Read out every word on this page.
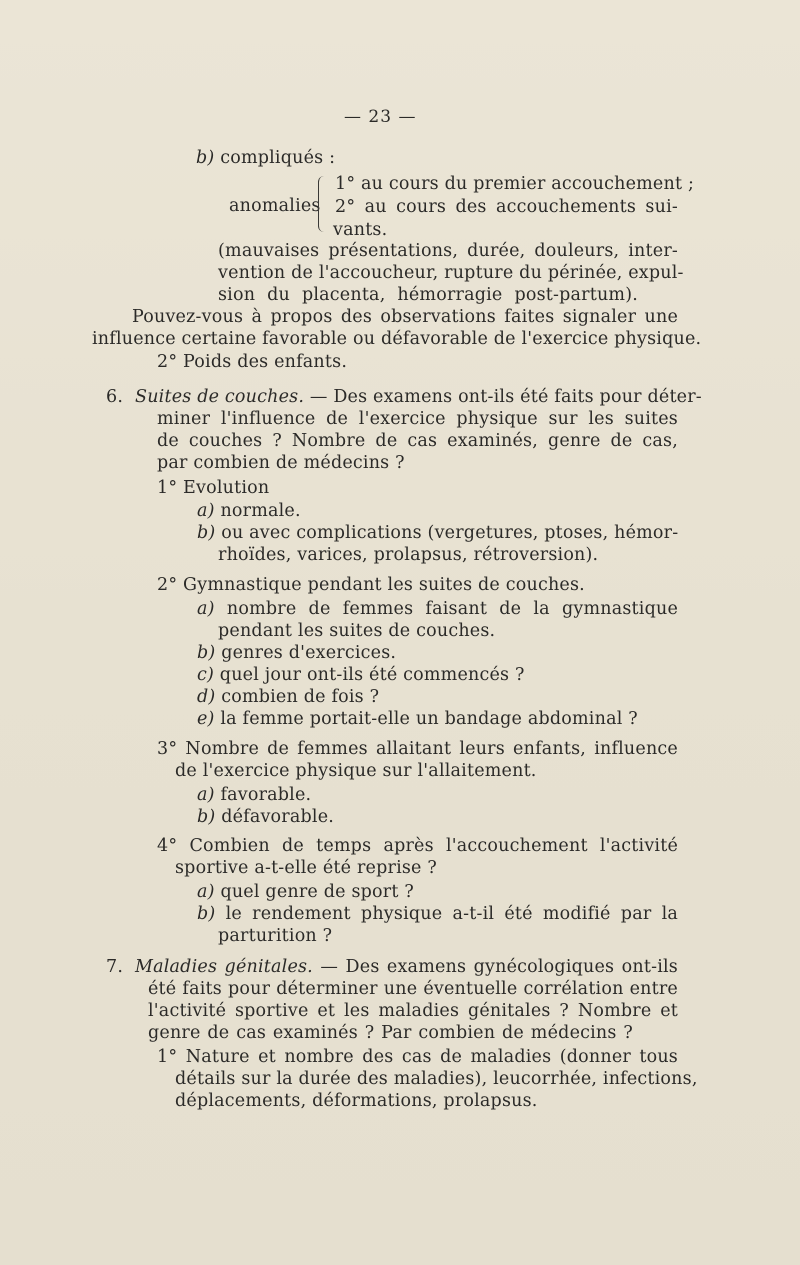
— 23 —
b) compliqués :
anomalies
1° au cours du premier accouchement ;
2° au cours des accouchements sui-
vants.
(mauvaises présentations, durée, douleurs, inter-
vention de l'accoucheur, rupture du périnée, expul-
sion du placenta, hémorragie post-partum).
Pouvez-vous à propos des observations faites signaler une
influence certaine favorable ou défavorable de l'exercice physique.
2° Poids des enfants.
6. Suites de couches. — Des examens ont-ils été faits pour déter-
miner l'influence de l'exercice physique sur les suites
de couches ? Nombre de cas examinés, genre de cas,
par combien de médecins ?
1° Evolution
a) normale.
b) ou avec complications (vergetures, ptoses, hémor-
rhoïdes, varices, prolapsus, rétroversion).
2° Gymnastique pendant les suites de couches.
a) nombre de femmes faisant de la gymnastique
pendant les suites de couches.
b) genres d'exercices.
c) quel jour ont-ils été commencés ?
d) combien de fois ?
e) la femme portait-elle un bandage abdominal ?
3° Nombre de femmes allaitant leurs enfants, influence
de l'exercice physique sur l'allaitement.
a) favorable.
b) défavorable.
4° Combien de temps après l'accouchement l'activité
sportive a-t-elle été reprise ?
a) quel genre de sport ?
b) le rendement physique a-t-il été modifié par la
parturition ?
7. Maladies génitales. — Des examens gynécologiques ont-ils
été faits pour déterminer une éventuelle corrélation entre
l'activité sportive et les maladies génitales ? Nombre et
genre de cas examinés ? Par combien de médecins ?
1° Nature et nombre des cas de maladies (donner tous
détails sur la durée des maladies), leucorrhée, infections,
déplacements, déformations, prolapsus.
